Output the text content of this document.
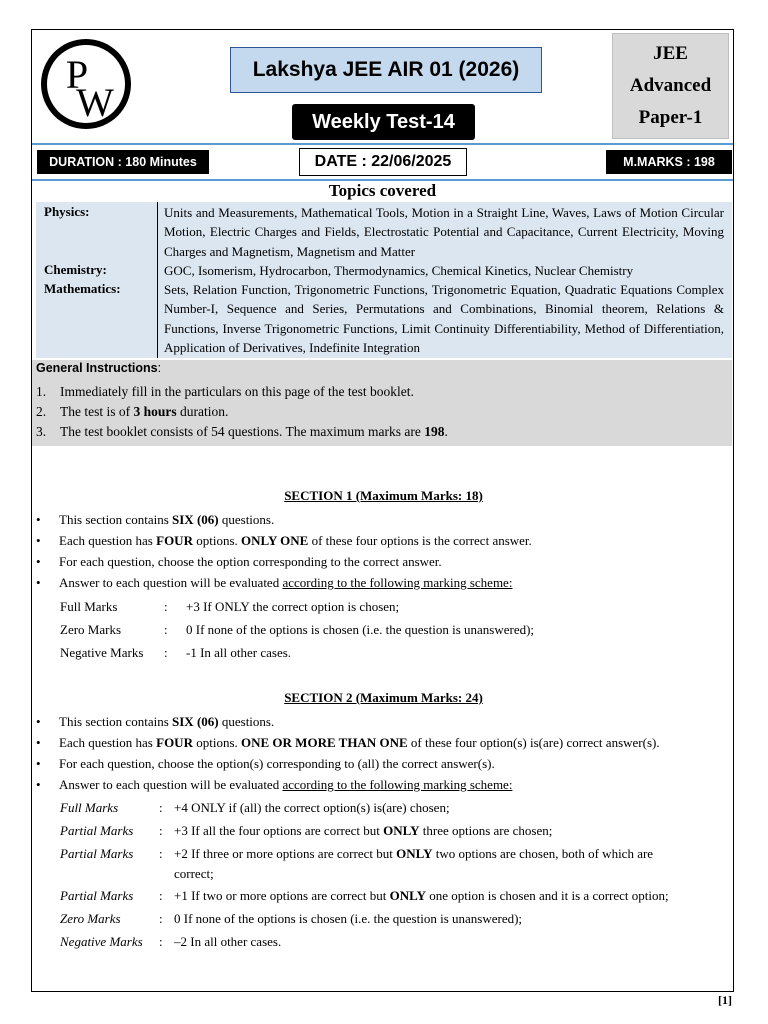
P
W
Lakshya JEE AIR 01 (2026)
Weekly Test-14
JEE
Advanced
Paper-1
DURATION : 180 Minutes	DATE : 22/06/2025	M.MARKS : 198
Topics covered
Physics:	Units and Measurements, Mathematical Tools, Motion in a Straight Line, Waves, Laws of Motion Circular Motion, Electric Charges and Fields, Electrostatic Potential and Capacitance, Current Electricity, Moving Charges and Magnetism, Magnetism and Matter
Chemistry:	GOC, Isomerism, Hydrocarbon, Thermodynamics, Chemical Kinetics, Nuclear Chemistry
Mathematics:	Sets, Relation Function, Trigonometric Functions, Trigonometric Equation, Quadratic Equations Complex Number-I, Sequence and Series, Permutations and Combinations, Binomial theorem, Relations & Functions, Inverse Trigonometric Functions, Limit Continuity Differentiability, Method of Differentiation, Application of Derivatives, Indefinite Integration
General Instructions:
1. Immediately fill in the particulars on this page of the test booklet.
2. The test is of 3 hours duration.
3. The test booklet consists of 54 questions. The maximum marks are 198.
SECTION 1 (Maximum Marks: 18)
• This section contains SIX (06) questions.
• Each question has FOUR options. ONLY ONE of these four options is the correct answer.
• For each question, choose the option corresponding to the correct answer.
• Answer to each question will be evaluated according to the following marking scheme:
Full Marks	: +3 If ONLY the correct option is chosen;
Zero Marks	: 0 If none of the options is chosen (i.e. the question is unanswered);
Negative Marks : -1 In all other cases.
SECTION 2 (Maximum Marks: 24)
• This section contains SIX (06) questions.
• Each question has FOUR options. ONE OR MORE THAN ONE of these four option(s) is(are) correct answer(s).
• For each question, choose the option(s) corresponding to (all) the correct answer(s).
• Answer to each question will be evaluated according to the following marking scheme:
Full Marks	: +4 ONLY if (all) the correct option(s) is(are) chosen;
Partial Marks : +3 If all the four options are correct but ONLY three options are chosen;
Partial Marks : +2 If three or more options are correct but ONLY two options are chosen, both of which are
correct;
Partial Marks : +1 If two or more options are correct but ONLY one option is chosen and it is a correct option;
Zero Marks	: 0 If none of the options is chosen (i.e. the question is unanswered);
Negative Marks : –2 In all other cases.
[1]
